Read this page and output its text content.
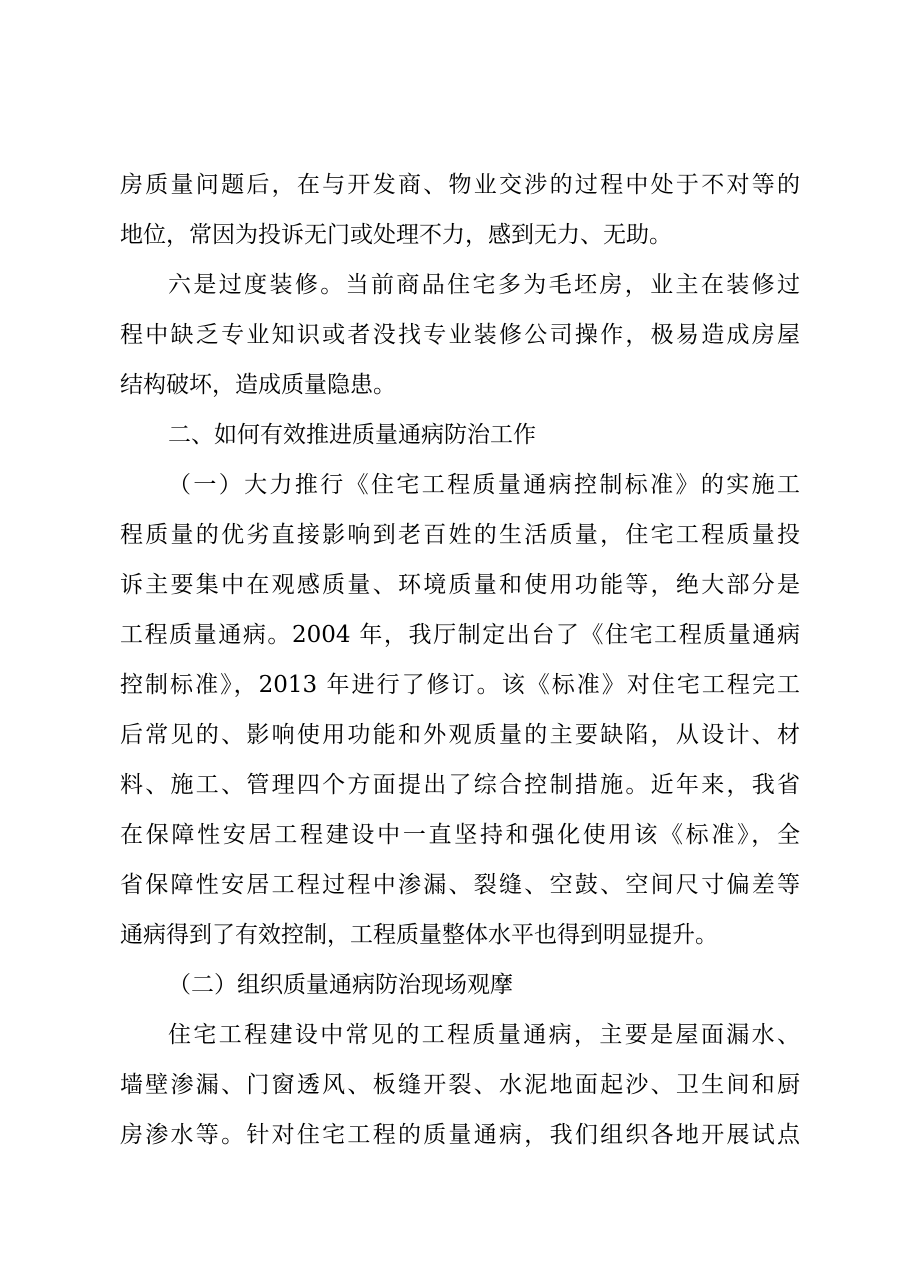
房质量问题后，在与开发商、物业交涉的过程中处于不对等的
地位，常因为投诉无门或处理不力，感到无力、无助。
六是过度装修。当前商品住宅多为毛坯房，业主在装修过
程中缺乏专业知识或者没找专业装修公司操作，极易造成房屋
结构破坏，造成质量隐患。
二、如何有效推进质量通病防治工作
（一）大力推行《住宅工程质量通病控制标准》的实施工
程质量的优劣直接影响到老百姓的生活质量，住宅工程质量投
诉主要集中在观感质量、环境质量和使用功能等，绝大部分是
工程质量通病。2004 年，我厅制定出台了《住宅工程质量通病
控制标准》，2013 年进行了修订。该《标准》对住宅工程完工
后常见的、影响使用功能和外观质量的主要缺陷，从设计、材
料、施工、管理四个方面提出了综合控制措施。近年来，我省
在保障性安居工程建设中一直坚持和强化使用该《标准》，全
省保障性安居工程过程中渗漏、裂缝、空鼓、空间尺寸偏差等
通病得到了有效控制，工程质量整体水平也得到明显提升。
（二）组织质量通病防治现场观摩
住宅工程建设中常见的工程质量通病，主要是屋面漏水、
墙壁渗漏、门窗透风、板缝开裂、水泥地面起沙、卫生间和厨
房渗水等。针对住宅工程的质量通病，我们组织各地开展试点
